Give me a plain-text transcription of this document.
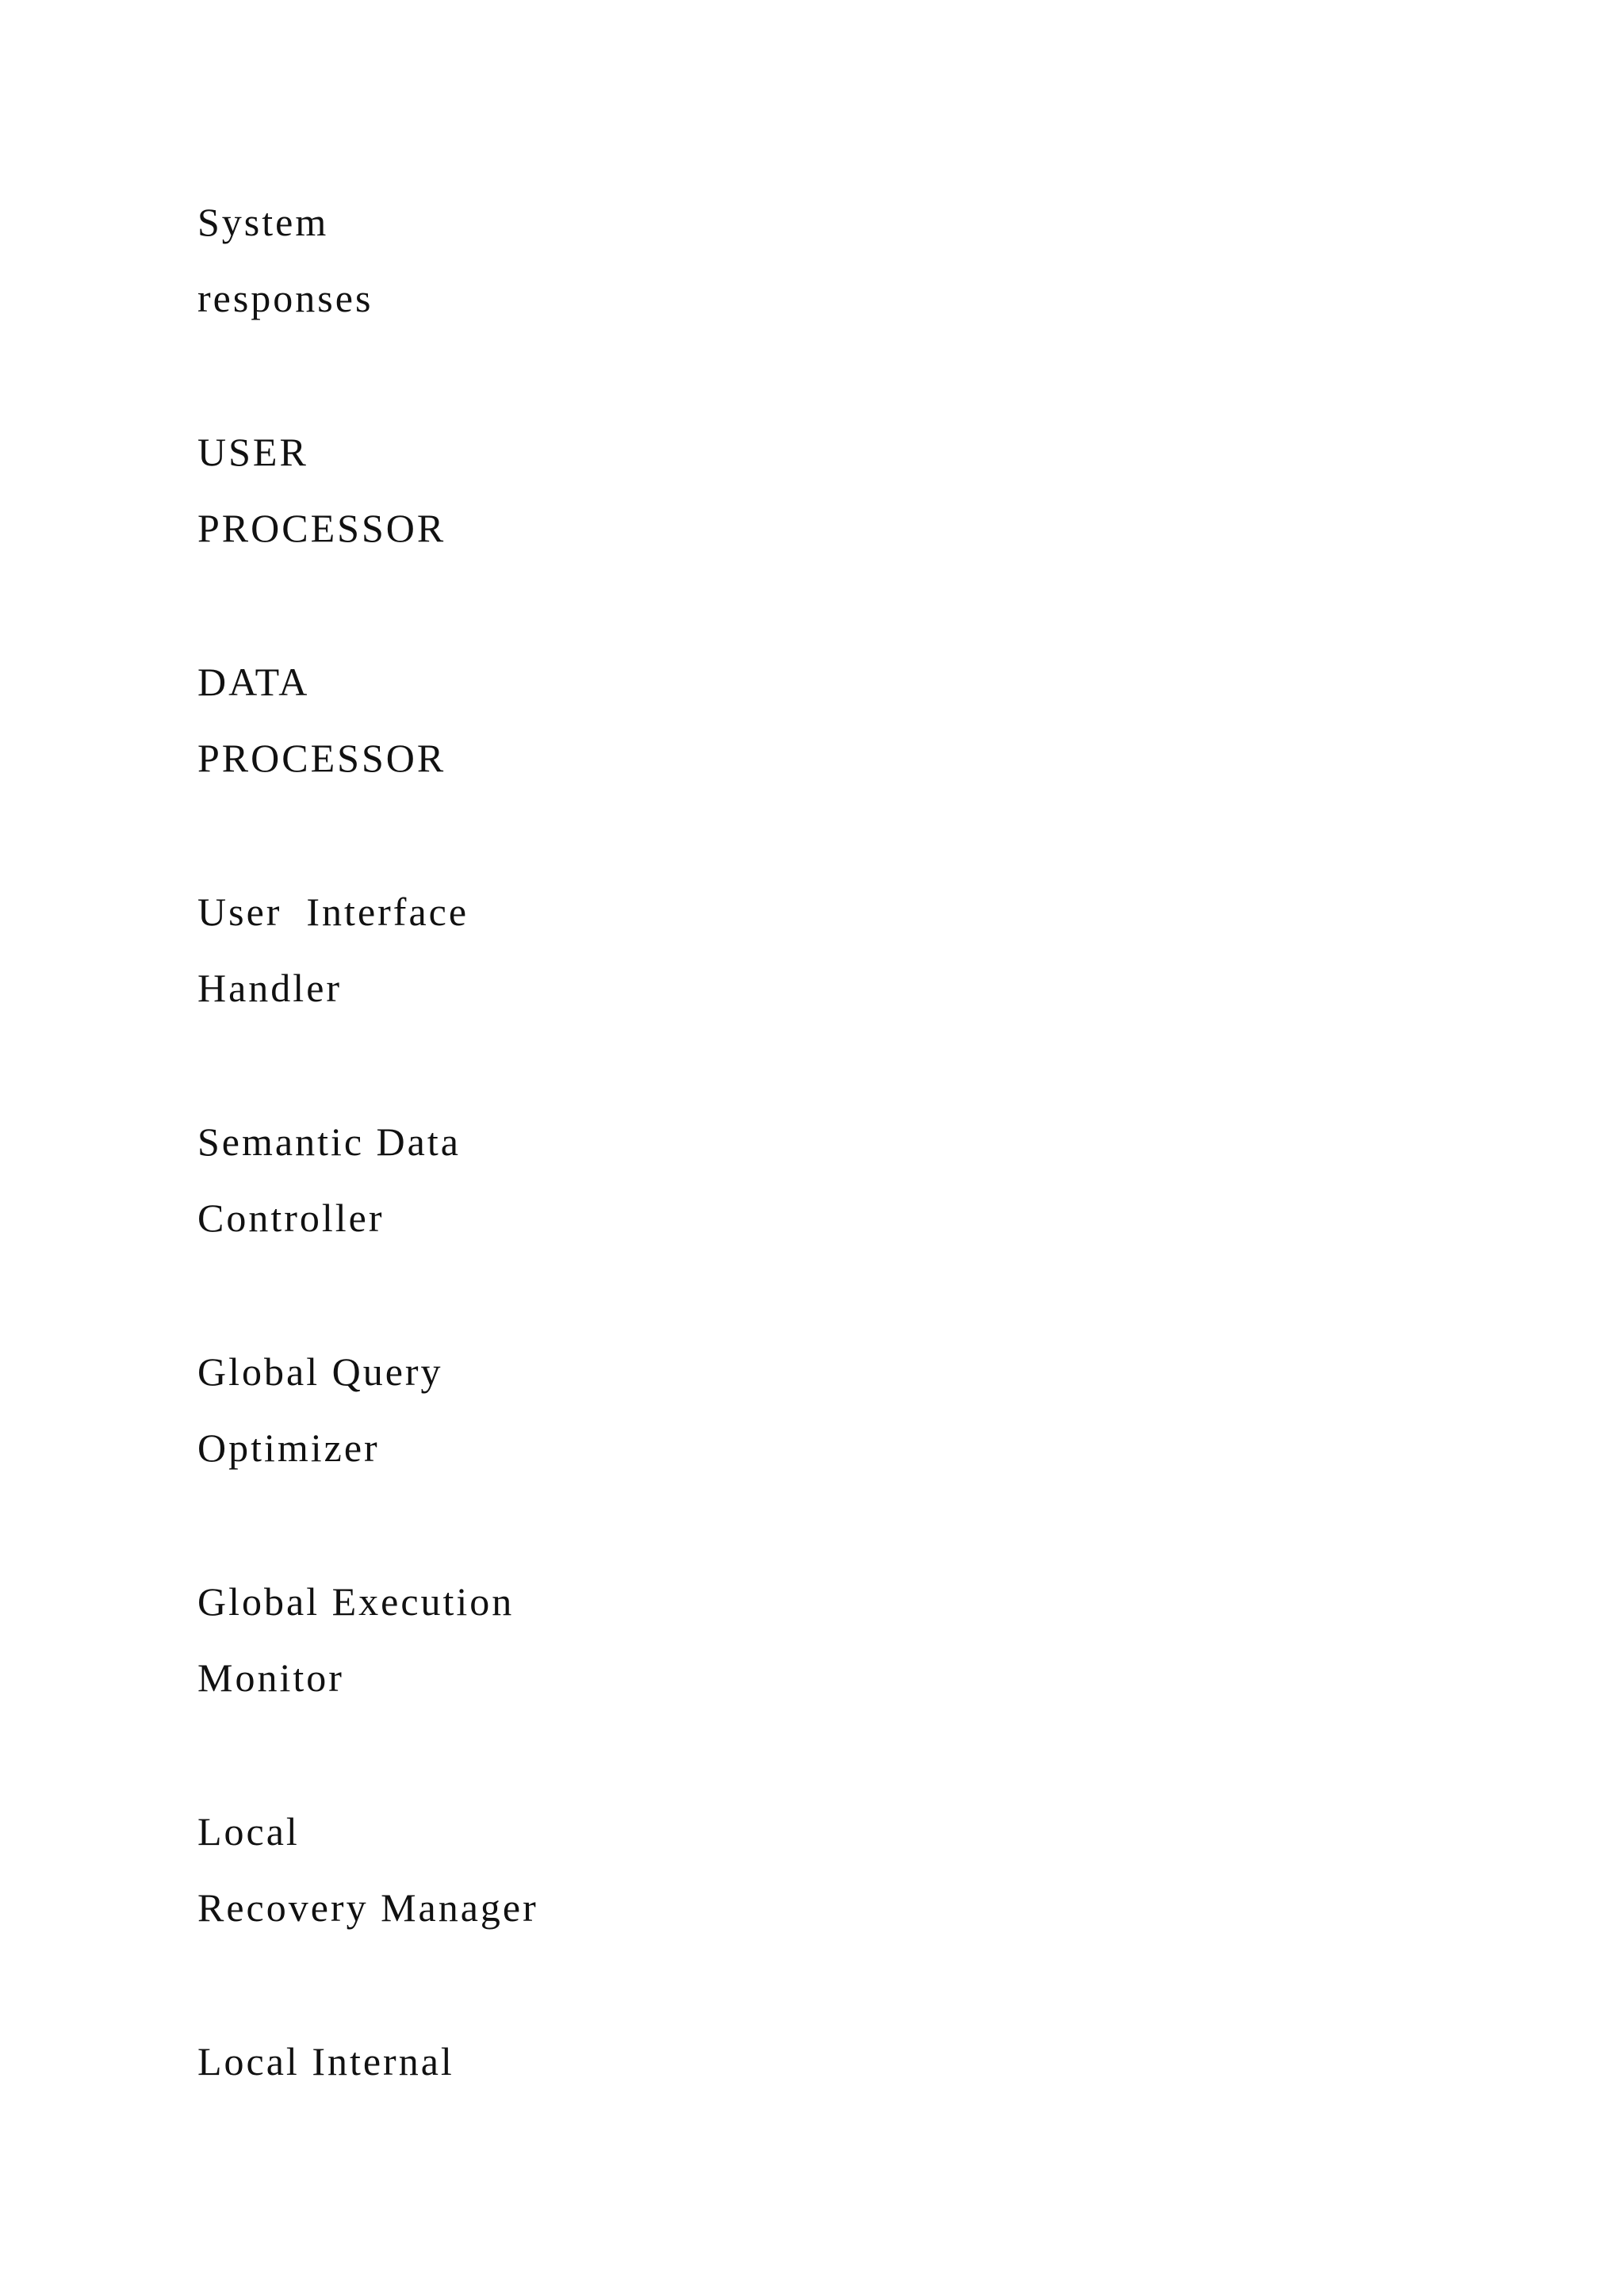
System
responses
USER
PROCESSOR
DATA
PROCESSOR
User  Interface
Handler
Semantic Data
Controller
Global Query
Optimizer
Global Execution
Monitor
Local
Recovery Manager
Local Internal
